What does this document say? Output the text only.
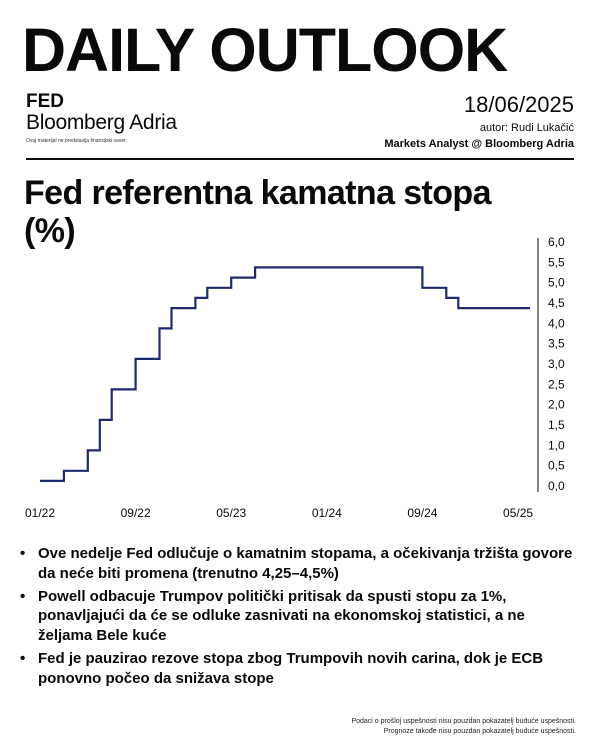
DAILY OUTLOOK
FED
Bloomberg Adria
Ovaj materijal ne predstavlja finansijski savet.
18/06/2025
autor: Rudi Lukačić
Markets Analyst @ Bloomberg Adria
Fed referentna kamatna stopa (%)	6,0
5,5
5,0
4,5
4,0
3,5
3,0
2,5
2,0
1,5
1,0
0,5
0,0
01/22	09/22	05/23	01/24	09/24	05/25
• Ove nedelje Fed odlučuje o kamatnim stopama, a očekivanja tržišta govore da neće biti promena (trenutno 4,25–4,5%)
• Powell odbacuje Trumpov politički pritisak da spusti stopu za 1%, ponavljajući da će se odluke zasnivati na ekonomskoj statistici, a ne željama Bele kuće
• Fed je pauzirao rezove stopa zbog Trumpovih novih carina, dok je ECB ponovno počeo da snižava stope
Podaci o prošloj uspešnosti nisu pouzdan pokazatelj buduće uspešnosti.
Prognoze takođe nisu pouzdan pokazatelj buduće uspešnosti.
